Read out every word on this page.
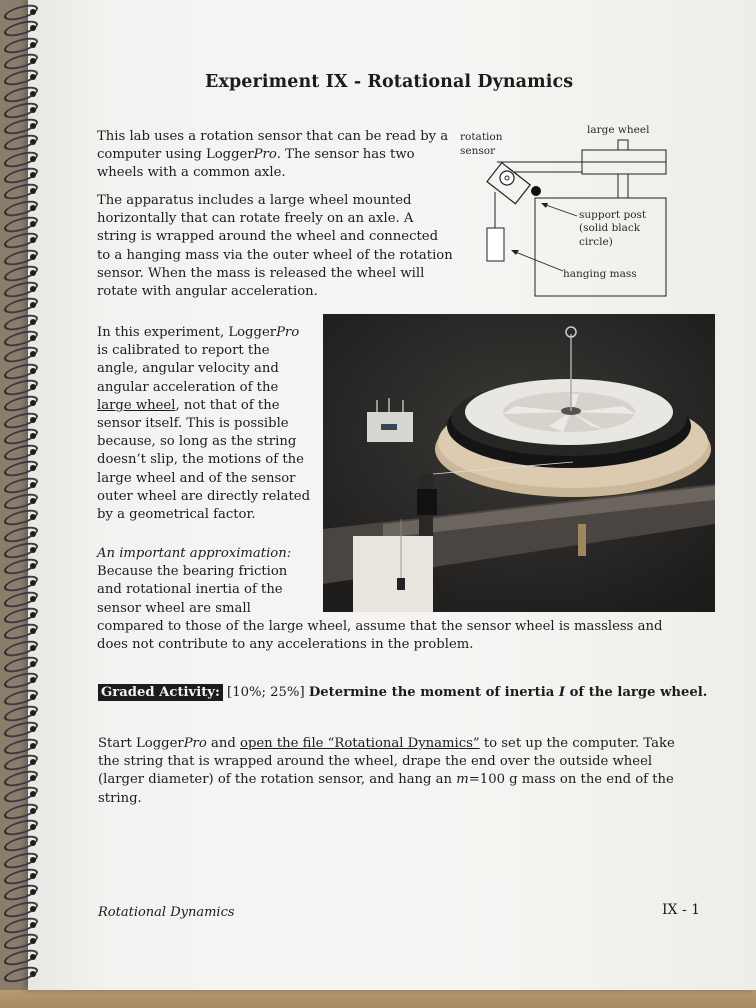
Experiment IX - Rotational Dynamics

This lab uses a rotation sensor that can be read by a

computer using LoggerPro. The sensor has two

wheels with a common axle.

The apparatus includes a large wheel mounted

horizontally that can rotate freely on an axle. A

string is wrapped around the wheel and connected

to a hanging mass via the outer wheel of the rotation

sensor. When the mass is released the wheel will

rotate with angular acceleration.

rotation
sensor
large wheel
support post
(solid black
circle)
hanging mass

In this experiment, LoggerPro

is calibrated to report the

angle, angular velocity and

angular acceleration of the

large wheel, not that of the

sensor itself. This is possible

because, so long as the string

doesn’t slip, the motions of the

large wheel and of the sensor

outer wheel are directly related

by a geometrical factor.

An important approximation:

Because the bearing friction

and rotational inertia of the

sensor wheel are small

compared to those of the large wheel, assume that the sensor wheel is massless and

does not contribute to any accelerations in the problem.

Graded Activity: [10%; 25%] Determine the moment of inertia I of the large wheel.

Start LoggerPro and open the file “Rotational Dynamics” to set up the computer. Take

the string that is wrapped around the wheel, drape the end over the outside wheel

(larger diameter) of the rotation sensor, and hang an m=100 g mass on the end of the

string.

Rotational Dynamics	IX - 1
